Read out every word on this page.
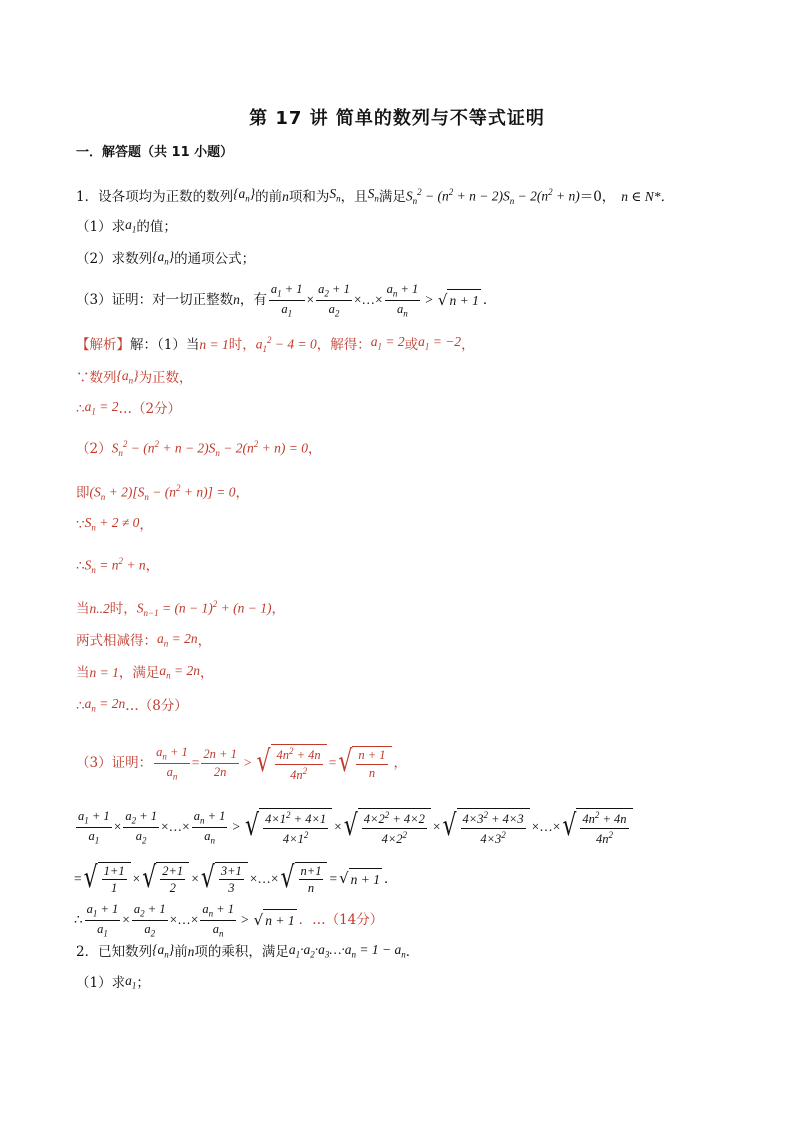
第 17 讲 简单的数列与不等式证明
一．解答题（共 11 小题）
1． 设各项均为正数的数列 $\{a_n\}$ 的前 n 项和为 $S_n$ ，且 $S_n$ 满足 $S_n^2 - (n^2 + n - 2)S_n - 2(n^2 + n) =0$， n ∈ N*．
（1）求 $a_1$ 的值；
（2）求数列 $\{a_n\}$ 的通项公式；
（3）证明：对一切正整数 n ，有 $\frac{a_1 + 1}{a_1} \times \frac{a_2 + 1}{a_2}$ ×…× $\frac{a_n + 1}{a_n}$ > √ n + 1 ．
【解析】 解：（1）当 n = 1 时， $a_1^2 - 4 = 0$ ，解得： $a_1 = 2$ 或 $a_1 = -2$ ，
∵数列 $\{a_n\}$ 为正数，
∴ $a_1 = 2$ …（2分）
（2） $S_n^2 - (n^2 + n - 2)S_n - 2(n^2 + n) = 0$ ，
即 $(S_n + 2)[S_n - (n^2 + n)] = 0$ ，
∵ $S_n + 2 \ne 0$ ，
∴ $S_n = n^2 + n$ ，
当 n..2 时， $S_{n-1} = (n - 1)^2 + (n - 1)$ ，
两式相减得： $a_n = 2n$ ，
当 n = 1 ，满足 $a_n = 2n$ ，
∴ $a_n = 2n$ …（8分）
（3）证明： $\frac{a_n + 1}{a_n} = \frac{2n + 1}{2n}$ > √ $\frac{4n^2 + 4n}{4n^2}$ = √ $\frac{n + 1}{n}$ ，
$\frac{a_1 + 1}{a_1} \times \frac{a_2 + 1}{a_2}$ ×…× $\frac{a_n + 1}{a_n}$ > √ $\frac{4\times 1^2 + 4\times 1}{4\times 1^2}$ × √ $\frac{4\times 2^2 + 4\times 2}{4\times 2^2}$ × √ $\frac{4\times 3^2 + 4\times 3}{4\times 3^2}$ ×…× √ $\frac{4n^2 + 4n}{4n^2}$
= √ $\frac{1+1}{1}$ × √ $\frac{2+1}{2}$ × √ $\frac{3+1}{3}$ ×…× √ $\frac{n+1}{n}$ = √ n + 1 ．
∴ $\frac{a_1 + 1}{a_1} \times \frac{a_2 + 1}{a_2}$ ×…× $\frac{a_n + 1}{a_n}$ > √ n + 1 ．…（14分）
2． 已知数列 $\{a_n\}$ 前 n 项的乘积，满足 $a_1\cdot a_2\cdot a_3\dots\cdot a_n = 1 - a_n$ ．
（1）求 $a_1$ ；
